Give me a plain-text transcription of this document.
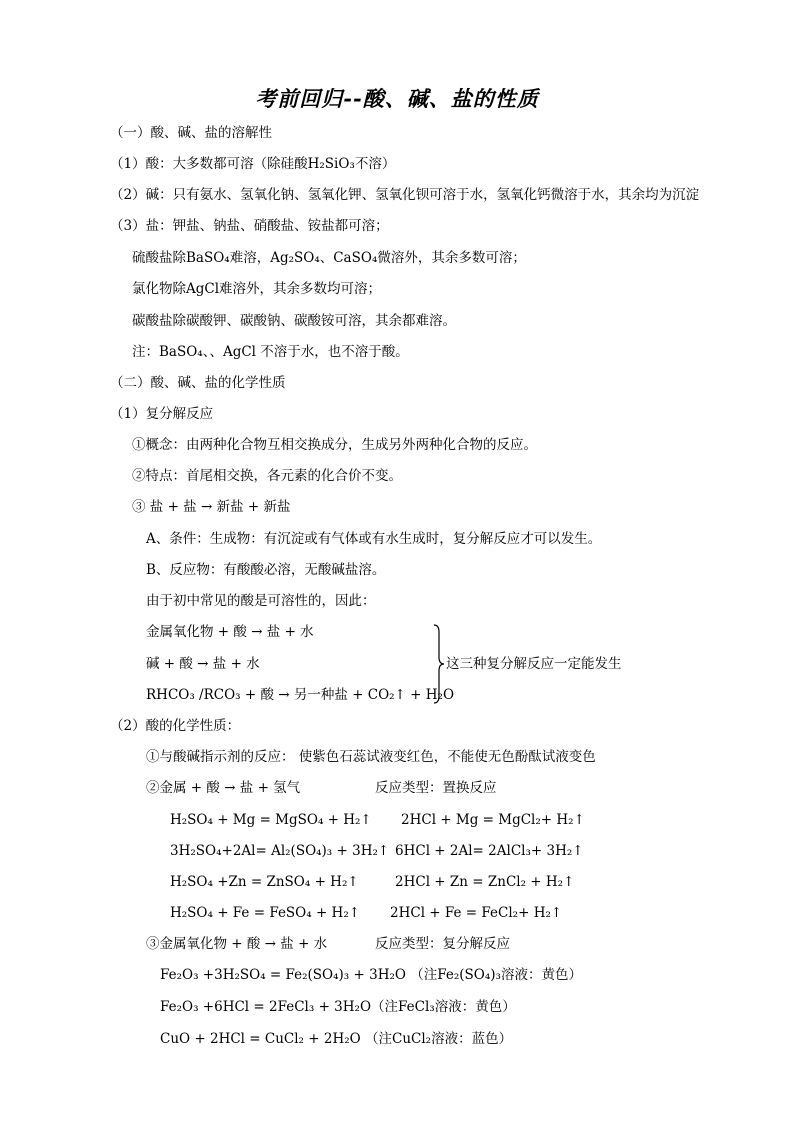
考前回归--酸、碱、盐的性质
（一）酸、碱、盐的溶解性
（1）酸：大多数都可溶（除硅酸H₂SiO₃不溶）
（2）碱：只有氨水、氢氧化钠、氢氧化钾、氢氧化钡可溶于水，氢氧化钙微溶于水，其余均为沉淀
（3）盐：钾盐、钠盐、硝酸盐、铵盐都可溶；
硫酸盐除BaSO₄难溶，Ag₂SO₄、CaSO₄微溶外，其余多数可溶；
氯化物除AgCl难溶外，其余多数均可溶；
碳酸盐除碳酸钾、碳酸钠、碳酸铵可溶，其余都难溶。
注：BaSO₄、、AgCl 不溶于水，也不溶于酸。
（二）酸、碱、盐的化学性质
（1）复分解反应
①概念：由两种化合物互相交换成分，生成另外两种化合物的反应。
②特点：首尾相交换，各元素的化合价不变。
③ 盐 + 盐 → 新盐 + 新盐
A、条件：生成物：有沉淀或有气体或有水生成时，复分解反应才可以发生。
B、反应物：有酸酸必溶，无酸碱盐溶。
由于初中常见的酸是可溶性的，因此：
金属氧化物 + 酸 → 盐 + 水
碱 + 酸 → 盐 + 水
RHCO₃ /RCO₃ + 酸 → 另一种盐 + CO₂↑ + H₂O
这三种复分解反应一定能发生
（2）酸的化学性质：
①与酸碱指示剂的反应： 使紫色石蕊试液变红色，不能使无色酚酞试液变色
②金属 + 酸 → 盐 + 氢气	反应类型：置换反应
H₂SO₄ + Mg = MgSO₄ + H₂↑ 2HCl + Mg = MgCl₂+ H₂↑
3H₂SO₄+2Al= Al₂(SO₄)₃ + 3H₂↑ 6HCl + 2Al= 2AlCl₃+ 3H₂↑
H₂SO₄ +Zn = ZnSO₄ + H₂↑	2HCl + Zn = ZnCl₂ + H₂↑
H₂SO₄ + Fe = FeSO₄ + H₂↑ 2HCl + Fe = FeCl₂+ H₂↑
③金属氧化物 + 酸 → 盐 + 水	反应类型：复分解反应
Fe₂O₃ +3H₂SO₄ = Fe₂(SO₄)₃ + 3H₂O （注Fe₂(SO₄)₃溶液：黄色）
Fe₂O₃ +6HCl = 2FeCl₃ + 3H₂O（注FeCl₃溶液：黄色）
CuO + 2HCl = CuCl₂ + 2H₂O （注CuCl₂溶液：蓝色）
